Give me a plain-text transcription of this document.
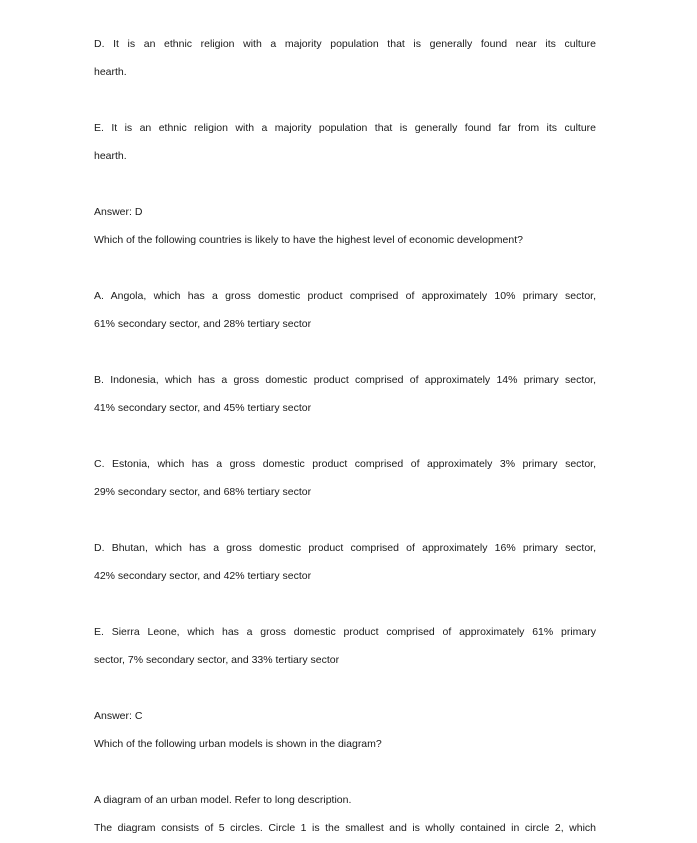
D. It is an ethnic religion with a majority population that is generally found near its culture
hearth.
E. It is an ethnic religion with a majority population that is generally found far from its culture
hearth.
Answer: D
Which of the following countries is likely to have the highest level of economic development?
A. Angola, which has a gross domestic product comprised of approximately 10% primary sector,
61% secondary sector, and 28% tertiary sector
B. Indonesia, which has a gross domestic product comprised of approximately 14% primary sector,
41% secondary sector, and 45% tertiary sector
C. Estonia, which has a gross domestic product comprised of approximately 3% primary sector,
29% secondary sector, and 68% tertiary sector
D. Bhutan, which has a gross domestic product comprised of approximately 16% primary sector,
42% secondary sector, and 42% tertiary sector
E. Sierra Leone, which has a gross domestic product comprised of approximately 61% primary
sector, 7% secondary sector, and 33% tertiary sector
Answer: C
Which of the following urban models is shown in the diagram?
A diagram of an urban model. Refer to long description.
The diagram consists of 5 circles. Circle 1 is the smallest and is wholly contained in circle 2, which
